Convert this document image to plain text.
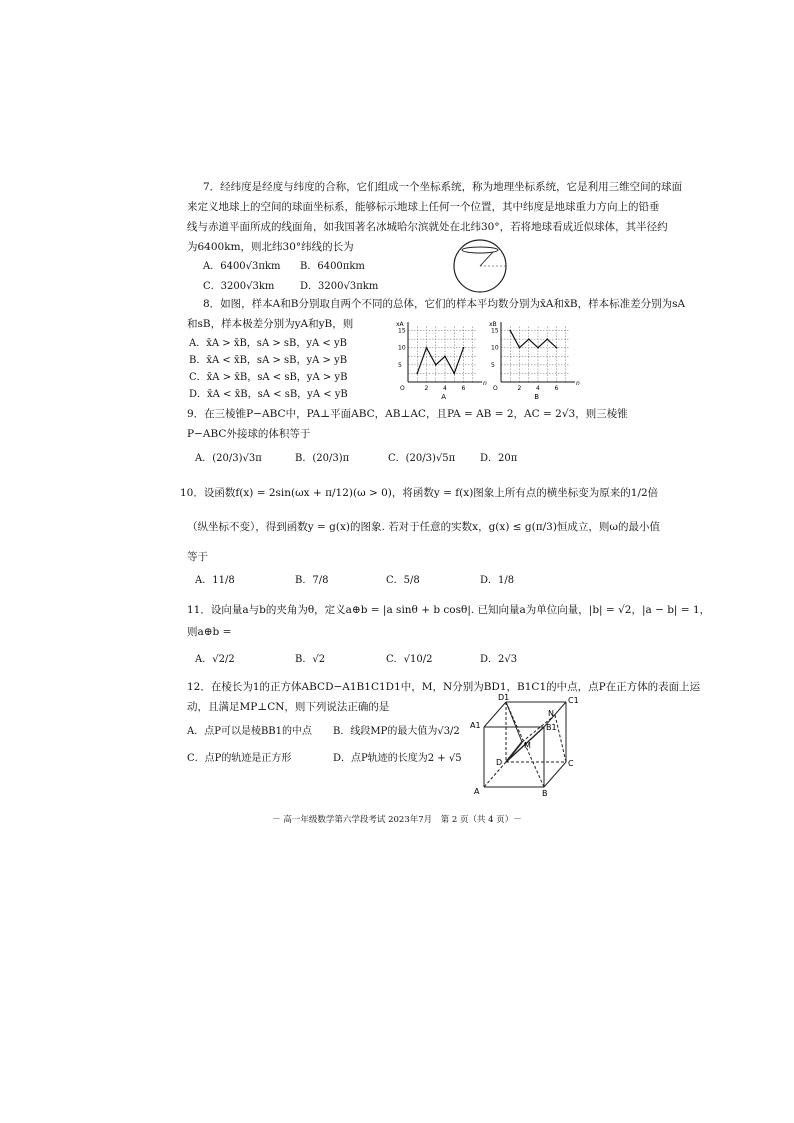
7．经纬度是经度与纬度的合称，它们组成一个坐标系统，称为地理坐标系统，它是利用三维空间的球面
来定义地球上的空间的球面坐标系，能够标示地球上任何一个位置，其中纬度是地球重力方向上的铅垂
线与赤道平面所成的线面角，如我国著名冰城哈尔滨就处在北纬30°，若将地球看成近似球体，其半径约
为6400km，则北纬30°纬线的长为
A．6400√3πkm B．6400πkm
C．3200√3km	D．3200√3πkm
8．如图，样本A和B分别取自两个不同的总体，它们的样本平均数分别为x̄A和x̄B，样本标准差分别为sA
和sB，样本极差分别为yA和yB，则
A．x̄A > x̄B，sA > sB，yA < yB
B．x̄A < x̄B，sA > sB，yA > yB
C．x̄A > x̄B，sA < sB，yA > yB
D．x̄A < x̄B，sA < sB，yA < yB
2 4 6
5
10
15
O
xA
n
A
2 4 6
5
10
15
O
xB
n
B
9．在三棱锥P−ABC中，PA⊥平面ABC，AB⊥AC，且PA = AB = 2，AC = 2√3，则三棱锥
P−ABC外接球的体积等于
A．(20/3)√3π	B．(20/3)π	C．(20/3)√5π D．20π
10．设函数f(x) = 2sin(ωx + π/12)(ω > 0)，将函数y = f(x)图象上所有点的横坐标变为原来的1/2倍
（纵坐标不变），得到函数y = g(x)的图象. 若对于任意的实数x，g(x) ≤ g(π/3)恒成立，则ω的最小值
等于
A．11/8	B．7/8	C．5/8	D．1/8
11．设向量a与b的夹角为θ，定义a⊕b = |a sinθ + b cosθ|. 已知向量a为单位向量，|b| = √2，|a − b| = 1，
则a⊕b =
A．√2/2	B．√2	C．√10/2	D．2√3
12．在棱长为1的正方体ABCD−A1B1C1D1中，M，N分别为BD1，B1C1的中点，点P在正方体的表面上运
动，且满足MP⊥CN，则下列说法正确的是
A．点P可以是棱BB1的中点 B．线段MP的最大值为√3/2
C．点P的轨迹是正方形	D．点P轨迹的长度为2 + √5
D1	C1
A1	B1
N
M
D	C
A	B
－ 高一年级数学第六学段考试 2023年7月　第 2 页（共 4 页）－
